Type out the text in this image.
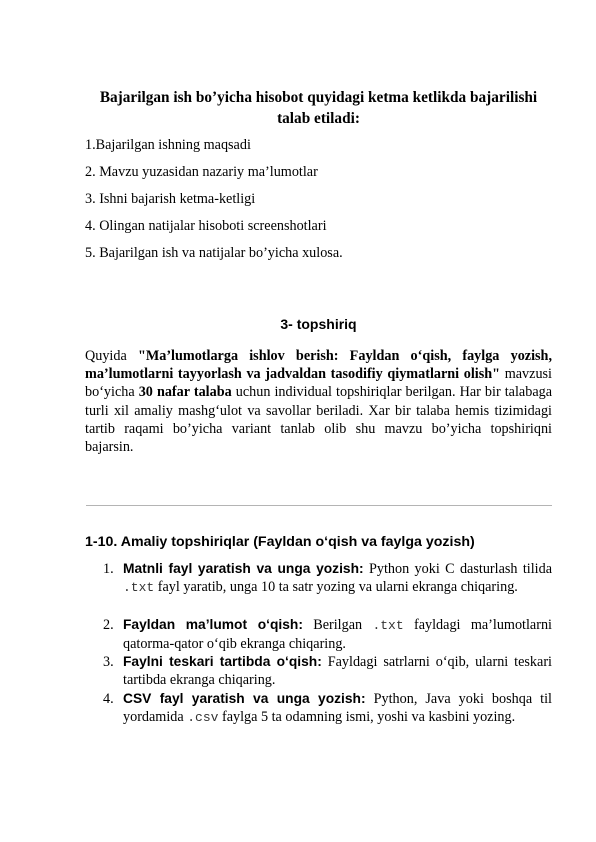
Bajarilgan ish bo’yicha hisobot quyidagi ketma ketlikda bajarilishi talab etiladi:
1.Bajarilgan ishning maqsadi
2. Mavzu yuzasidan nazariy ma’lumotlar
3. Ishni bajarish ketma-ketligi
4. Olingan natijalar hisoboti screenshotlari
5. Bajarilgan ish va natijalar bo’yicha xulosa.
3- topshiriq
Quyida "Ma’lumotlarga ishlov berish: Fayldan o‘qish, faylga yozish, ma’lumotlarni tayyorlash va jadvaldan tasodifiy qiymatlarni olish" mavzusi bo‘yicha 30 nafar talaba uchun individual topshiriqlar berilgan. Har bir talabaga turli xil amaliy mashg‘ulot va savollar beriladi. Xar bir talaba hemis tizimidagi tartib raqami bo’yicha variant tanlab olib shu mavzu bo’yicha topshiriqni bajarsin.
1-10. Amaliy topshiriqlar (Fayldan o‘qish va faylga yozish)
1. Matnli fayl yaratish va unga yozish: Python yoki C dasturlash tilida .txt fayl yaratib, unga 10 ta satr yozing va ularni ekranga chiqaring.
2. Fayldan ma’lumot o‘qish: Berilgan .txt fayldagi ma’lumotlarni qatorma-qator o‘qib ekranga chiqaring.
3. Faylni teskari tartibda o‘qish: Fayldagi satrlarni o‘qib, ularni teskari tartibda ekranga chiqaring.
4. CSV fayl yaratish va unga yozish: Python, Java yoki boshqa til yordamida .csv faylga 5 ta odamning ismi, yoshi va kasbini yozing.
